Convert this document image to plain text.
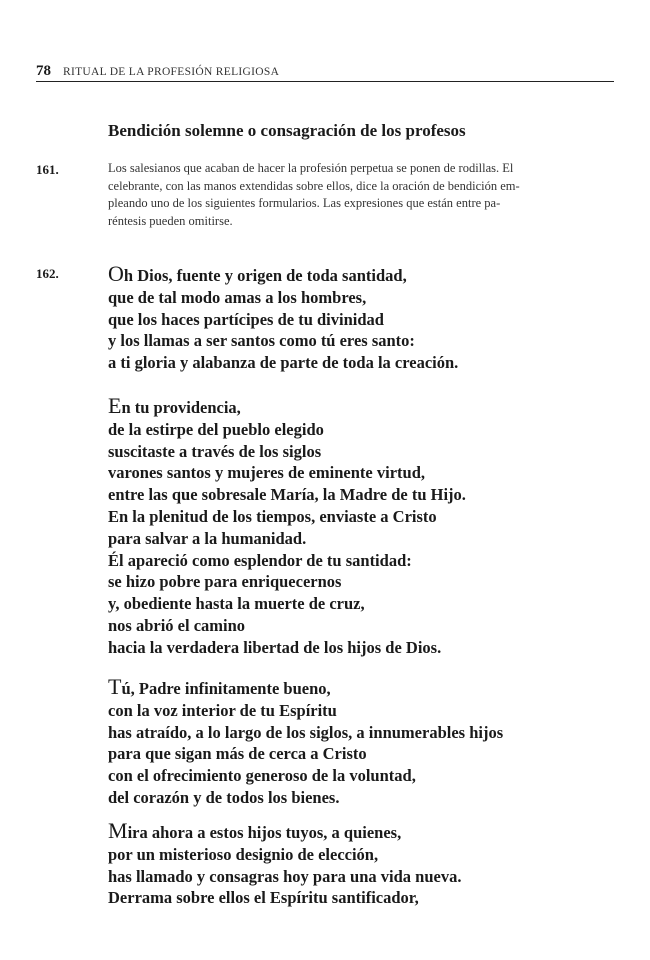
78 RITUAL DE LA PROFESIÓN RELIGIOSA
Bendición solemne o consagración de los profesos
161.	Los salesianos que acaban de hacer la profesión perpetua se ponen de rodillas. El
celebrante, con las manos extendidas sobre ellos, dice la oración de bendición em-
pleando uno de los siguientes formularios. Las expresiones que están entre pa-
réntesis pueden omitirse.
162. Oh Dios, fuente y origen de toda santidad,
que de tal modo amas a los hombres,
que los haces partícipes de tu divinidad
y los llamas a ser santos como tú eres santo:
a ti gloria y alabanza de parte de toda la creación.
En tu providencia,
de la estirpe del pueblo elegido
suscitaste a través de los siglos
varones santos y mujeres de eminente virtud,
entre las que sobresale María, la Madre de tu Hijo.
En la plenitud de los tiempos, enviaste a Cristo
para salvar a la humanidad.
Él apareció como esplendor de tu santidad:
se hizo pobre para enriquecernos
y, obediente hasta la muerte de cruz,
nos abrió el camino
hacia la verdadera libertad de los hijos de Dios.
Tú, Padre infinitamente bueno,
con la voz interior de tu Espíritu
has atraído, a lo largo de los siglos, a innumerables hijos
para que sigan más de cerca a Cristo
con el ofrecimiento generoso de la voluntad,
del corazón y de todos los bienes.
Mira ahora a estos hijos tuyos, a quienes,
por un misterioso designio de elección,
has llamado y consagras hoy para una vida nueva.
Derrama sobre ellos el Espíritu santificador,
